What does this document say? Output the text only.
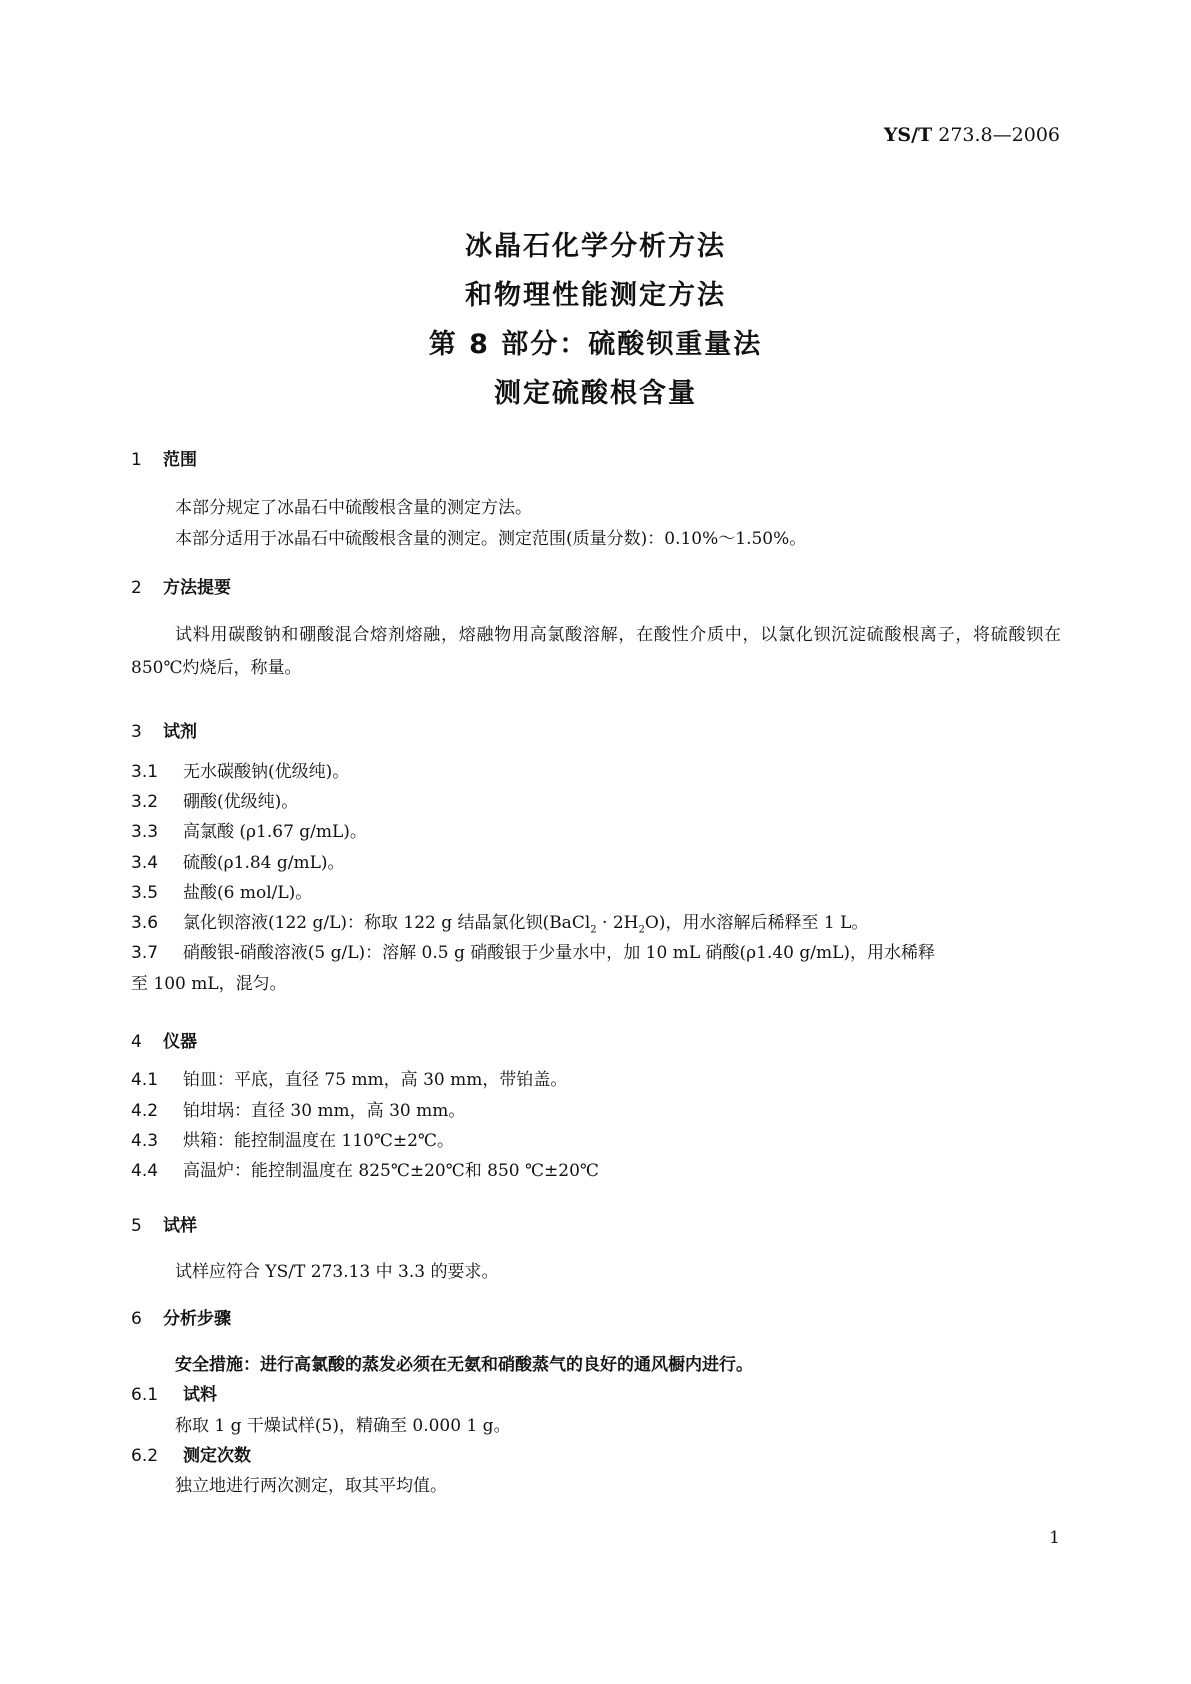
YS/T 273.8—2006
冰晶石化学分析方法
和物理性能测定方法
第 8 部分：硫酸钡重量法
测定硫酸根含量
1 范围
本部分规定了冰晶石中硫酸根含量的测定方法。
本部分适用于冰晶石中硫酸根含量的测定。测定范围(质量分数)：0.10%～1.50%。
2 方法提要
试料用碳酸钠和硼酸混合熔剂熔融，熔融物用高氯酸溶解，在酸性介质中，以氯化钡沉淀硫酸根离子，将硫酸钡在 850℃灼烧后，称量。
3 试剂
3.1 无水碳酸钠(优级纯)。
3.2 硼酸(优级纯)。
3.3 高氯酸 (ρ1.67 g/mL)。
3.4 硫酸(ρ1.84 g/mL)。
3.5 盐酸(6 mol/L)。
3.6 氯化钡溶液(122 g/L)：称取 122 g 结晶氯化钡(BaCl$_2$ · $2H_2O$)，用水溶解后稀释至 1 L。
3.7 硝酸银-硝酸溶液(5 g/L)：溶解 0.5 g 硝酸银于少量水中，加 10 mL 硝酸(ρ1.40 g/mL)，用水稀释
至 100 mL，混匀。
4 仪器
4.1 铂皿：平底，直径 75 mm，高 30 mm，带铂盖。
4.2 铂坩埚：直径 30 mm，高 30 mm。
4.3 烘箱：能控制温度在 110℃±2℃。
4.4 高温炉：能控制温度在 825℃±20℃和 850 ℃±20℃
5 试样
试样应符合 YS/T 273.13 中 3.3 的要求。
6 分析步骤
安全措施：进行高氯酸的蒸发必须在无氨和硝酸蒸气的良好的通风橱内进行。
6.1 试料
称取 1 g 干燥试样(5)，精确至 0.000 1 g。
6.2 测定次数
独立地进行两次测定，取其平均值。
1
